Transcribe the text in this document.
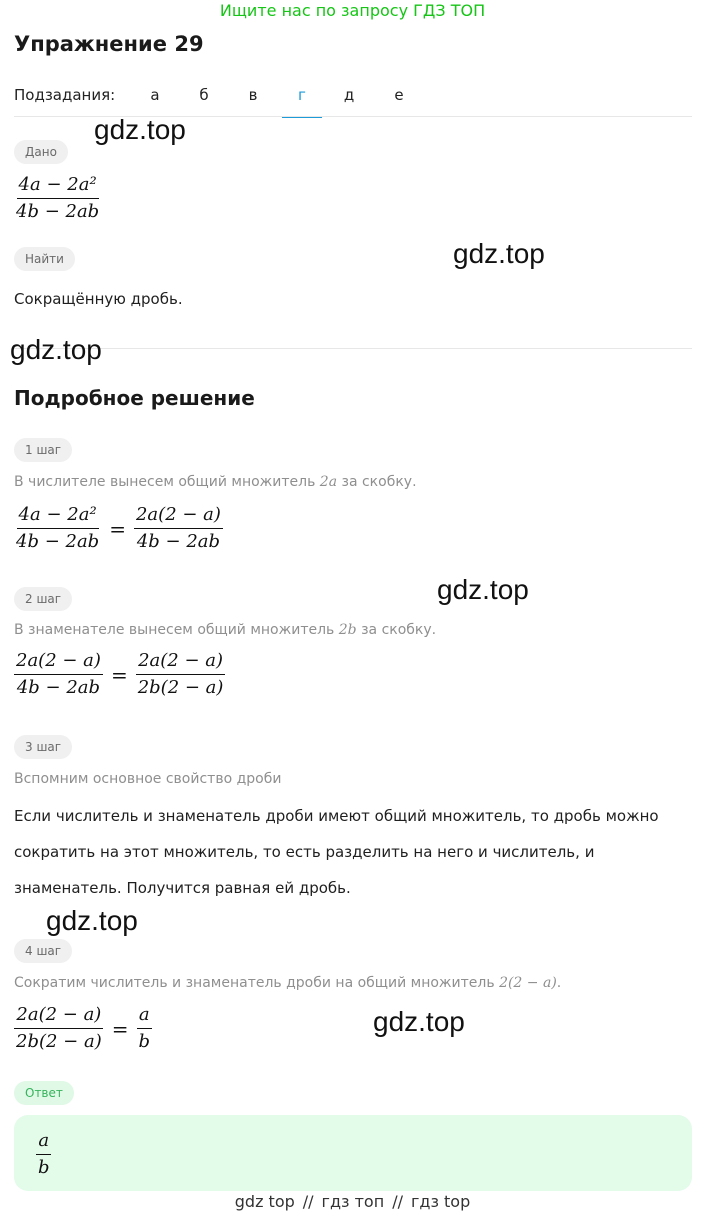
Ищите нас по запросу ГДЗ ТОП
Упражнение 29
Подзадания:	а	б	в	г	д	е
Дано
$\frac{\text{4a − 2a²}}{4b - 2ab}$
Найти
Сокращённую дробь.
Подробное решение
1 шаг
В числителе вынесем общий множитель 2a за скобку.
$\frac{\text{4a − 2a²}}{4b - 2ab} = \frac{2a(2 - a)}{4b - 2ab}$
2 шаг
В знаменателе вынесем общий множитель 2b за скобку.
$\frac{2a(2 - a)}{4b - 2ab} = \frac{2a(2 - a)}{2b(2 - a)}$
3 шаг
Вспомним основное свойство дроби
Если числитель и знаменатель дроби имеют общий множитель, то дробь можно сократить на этот множитель, то есть разделить на него и числитель, и знаменатель. Получится равная ей дробь.
4 шаг
Сократим числитель и знаменатель дроби на общий множитель 2(2 − a).
$\frac{2a(2 - a)}{2b(2 - a)} = \frac{a}{b}$
Ответ
$\frac{a}{b}$
gdz.top
gdz.top
gdz.top
gdz.top
gdz.top
gdz.top
gdz top // гдз топ // гдз top
